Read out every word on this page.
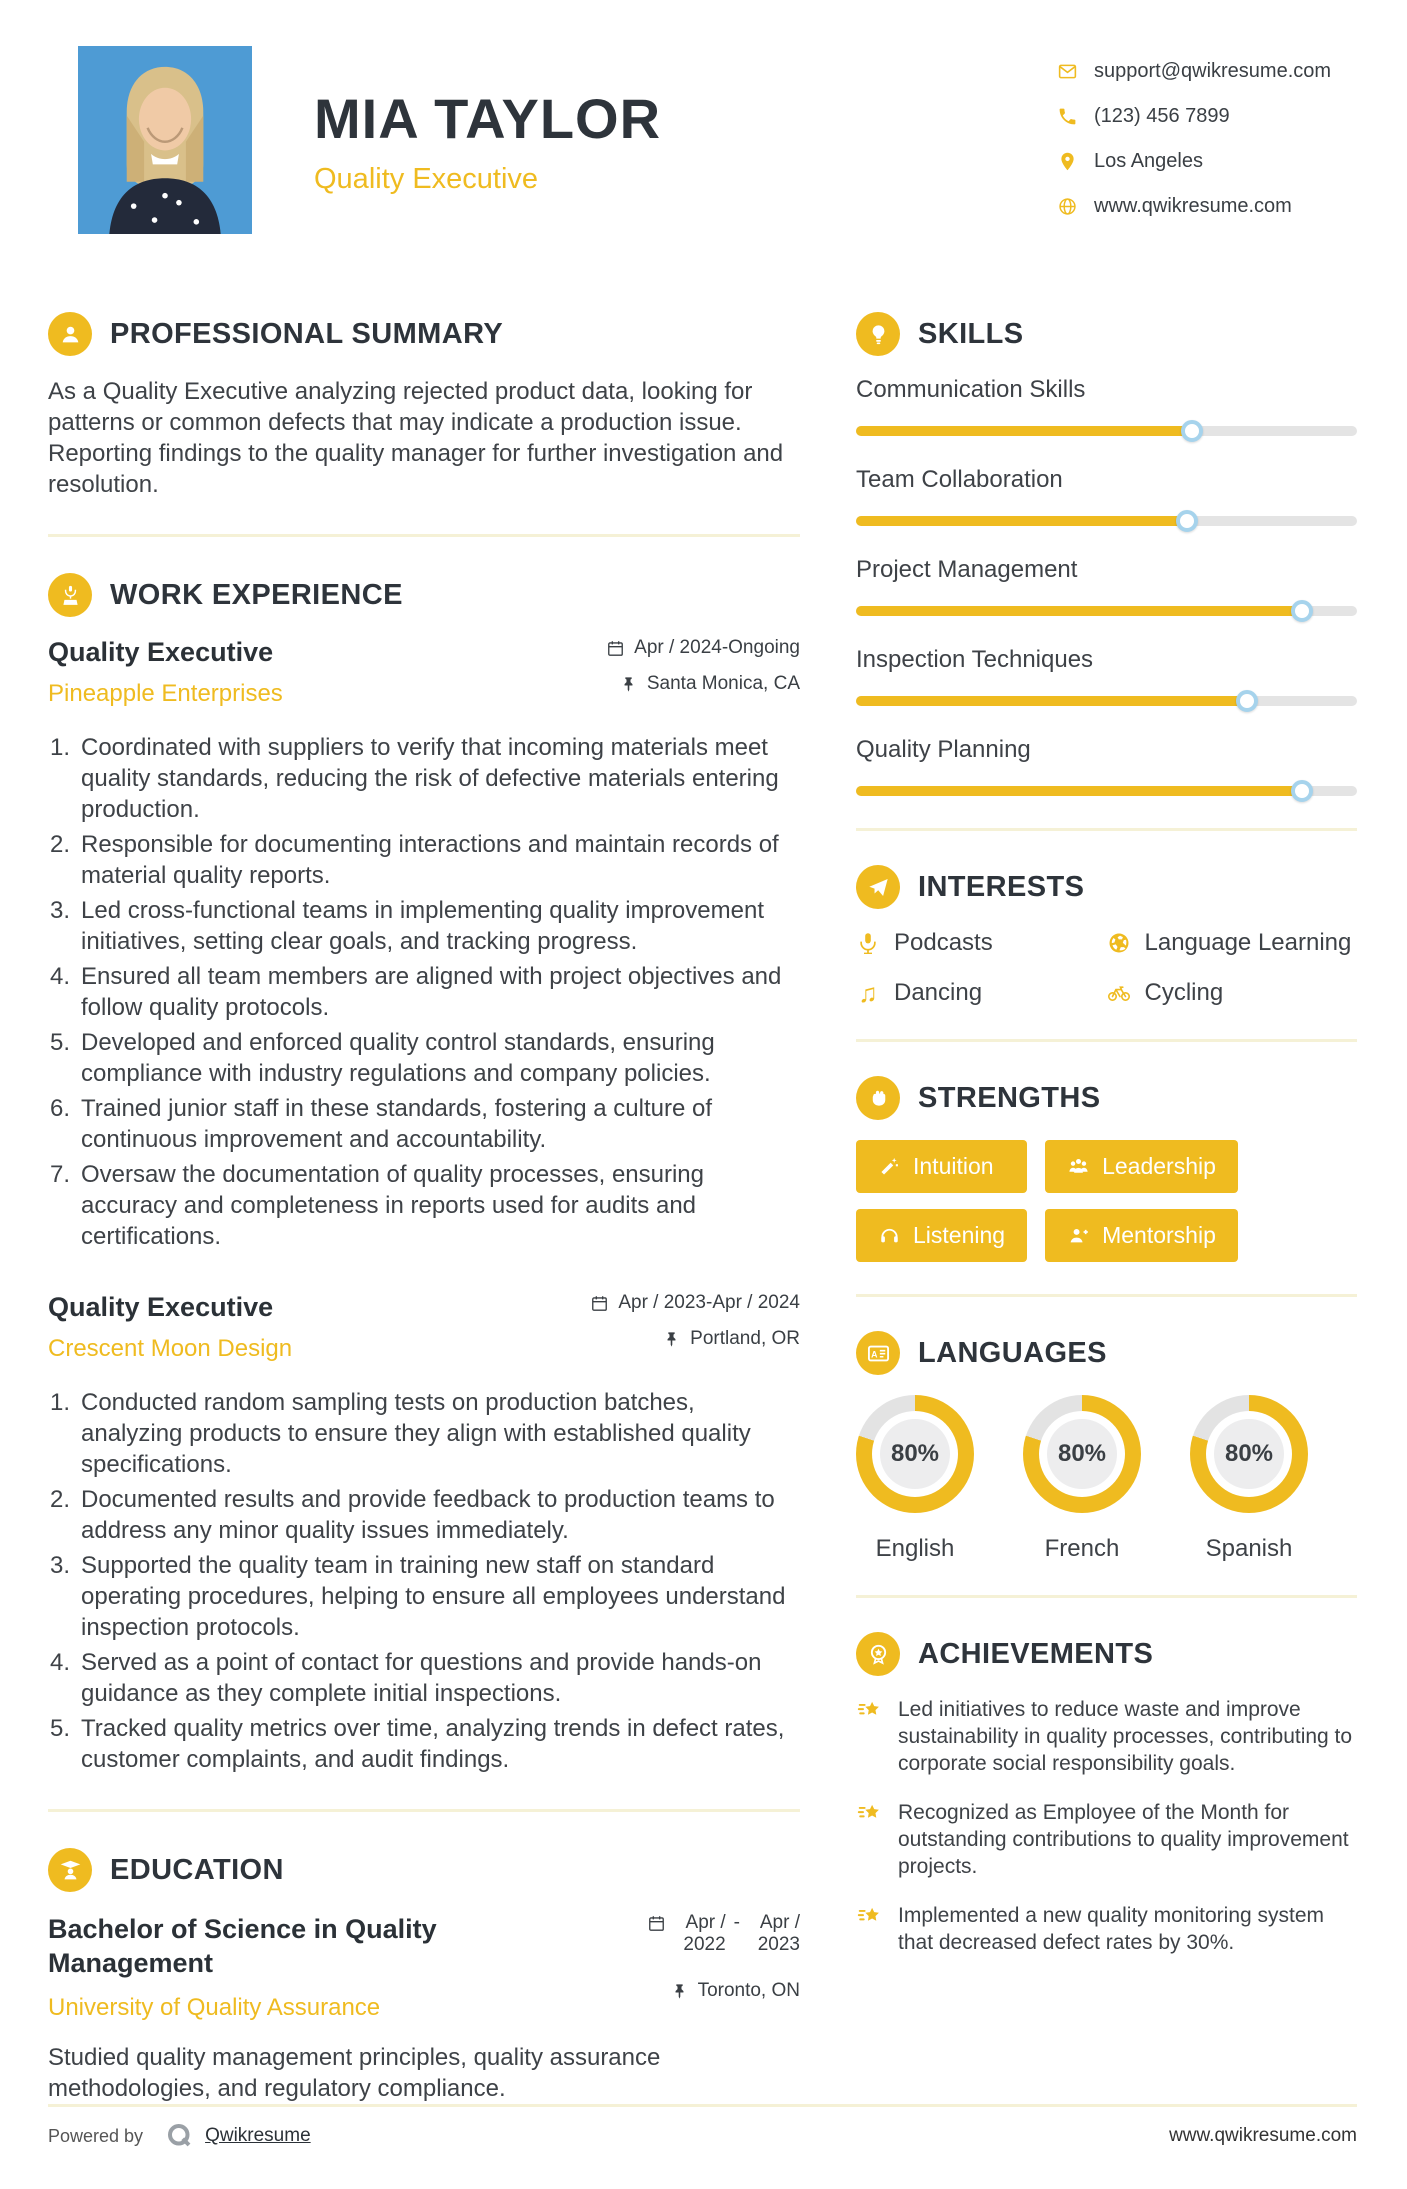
MIA TAYLOR
Quality Executive
support@qwikresume.com
(123) 456 7899
Los Angeles
www.qwikresume.com
PROFESSIONAL SUMMARY

As a Quality Executive analyzing rejected product data, looking for patterns or common defects that may indicate a production issue. Reporting findings to the quality manager for further investigation and resolution.

WORK EXPERIENCE
Quality Executive
Pineapple Enterprises
Apr / 2024-Ongoing
Santa Monica, CA
Coordinated with suppliers to verify that incoming materials meet quality standards, reducing the risk of defective materials entering production.
Responsible for documenting interactions and maintain records of material quality reports.
Led cross-functional teams in implementing quality improvement initiatives, setting clear goals, and tracking progress.
Ensured all team members are aligned with project objectives and follow quality protocols.
Developed and enforced quality control standards, ensuring compliance with industry regulations and company policies.
Trained junior staff in these standards, fostering a culture of continuous improvement and accountability.
Oversaw the documentation of quality processes, ensuring accuracy and completeness in reports used for audits and certifications.
Quality Executive
Crescent Moon Design
Apr / 2023-Apr / 2024
Portland, OR
Conducted random sampling tests on production batches, analyzing products to ensure they align with established quality specifications.
Documented results and provide feedback to production teams to address any minor quality issues immediately.
Supported the quality team in training new staff on standard operating procedures, helping to ensure all employees understand inspection protocols.
Served as a point of contact for questions and provide hands-on guidance as they complete initial inspections.
Tracked quality metrics over time, analyzing trends in defect rates, customer complaints, and audit findings.
EDUCATION
Bachelor of Science in Quality Management
University of Quality Assurance
Apr / 2022
-	Apr / 2023
Toronto, ON

Studied quality management principles, quality assurance methodologies, and regulatory compliance.

SKILLS
Communication Skills
Team Collaboration
Project Management
Inspection Techniques
Quality Planning
INTERESTS
Podcasts	Language Learning
♫ Dancing	Cycling
STRENGTHS
Intuition	Leadership
Listening	Mentorship
A LANGUAGES
80%
English
80%
French
80%
Spanish
ACHIEVEMENTS
Led initiatives to reduce waste and improve sustainability in quality processes, contributing to corporate social responsibility goals.
Recognized as Employee of the Month for outstanding contributions to quality improvement projects.
Implemented a new quality monitoring system that decreased defect rates by 30%.
Powered by	Qwikresume	www.qwikresume.com
